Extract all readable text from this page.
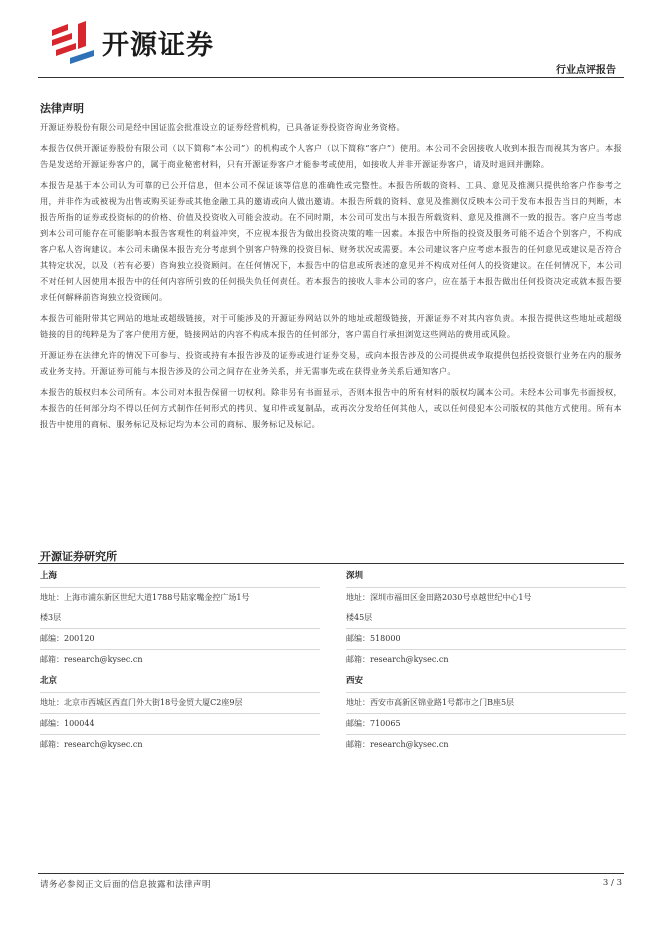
开源证券
行业点评报告
法律声明

开源证券股份有限公司是经中国证监会批准设立的证券经营机构，已具备证券投资咨询业务资格。

本报告仅供开源证券股份有限公司（以下简称“本公司”）的机构或个人客户（以下简称“客户”）使用。本公司不会因接收人收到本报告而视其为客户。本报告是发送给开源证券客户的，属于商业秘密材料，只有开源证券客户才能参考或使用，如接收人并非开源证券客户，请及时退回并删除。

本报告是基于本公司认为可靠的已公开信息，但本公司不保证该等信息的准确性或完整性。本报告所载的资料、工具、意见及推测只提供给客户作参考之用，并非作为或被视为出售或购买证券或其他金融工具的邀请或向人做出邀请。本报告所载的资料、意见及推测仅反映本公司于发布本报告当日的判断，本报告所指的证券或投资标的的价格、价值及投资收入可能会波动。在不同时期，本公司可发出与本报告所载资料、意见及推测不一致的报告。客户应当考虑到本公司可能存在可能影响本报告客观性的利益冲突，不应视本报告为做出投资决策的唯一因素。本报告中所指的投资及服务可能不适合个别客户，不构成客户私人咨询建议。本公司未确保本报告充分考虑到个别客户特殊的投资目标、财务状况或需要。本公司建议客户应考虑本报告的任何意见或建议是否符合其特定状况，以及（若有必要）咨询独立投资顾问。在任何情况下，本报告中的信息或所表述的意见并不构成对任何人的投资建议。在任何情况下，本公司不对任何人因使用本报告中的任何内容所引致的任何损失负任何责任。若本报告的接收人非本公司的客户，应在基于本报告做出任何投资决定或就本报告要求任何解释前咨询独立投资顾问。

本报告可能附带其它网站的地址或超级链接，对于可能涉及的开源证券网站以外的地址或超级链接，开源证券不对其内容负责。本报告提供这些地址或超级链接的目的纯粹是为了客户使用方便，链接网站的内容不构成本报告的任何部分，客户需自行承担浏览这些网站的费用或风险。

开源证券在法律允许的情况下可参与、投资或持有本报告涉及的证券或进行证券交易，或向本报告涉及的公司提供或争取提供包括投资银行业务在内的服务或业务支持。开源证券可能与本报告涉及的公司之间存在业务关系，并无需事先或在获得业务关系后通知客户。

本报告的版权归本公司所有。本公司对本报告保留一切权利。除非另有书面显示，否则本报告中的所有材料的版权均属本公司。未经本公司事先书面授权，本报告的任何部分均不得以任何方式制作任何形式的拷贝、复印件或复制品，或再次分发给任何其他人，或以任何侵犯本公司版权的其他方式使用。所有本报告中使用的商标、服务标记及标记均为本公司的商标、服务标记及标记。

开源证券研究所
上海
地址：上海市浦东新区世纪大道1788号陆家嘴金控广场1号
楼3层
邮编：200120
邮箱：research@kysec.cn
深圳
地址：深圳市福田区金田路2030号卓越世纪中心1号
楼45层
邮编：518000
邮箱：research@kysec.cn
北京
地址：北京市西城区西直门外大街18号金贸大厦C2座9层
邮编：100044
邮箱：research@kysec.cn
西安
地址：西安市高新区锦业路1号都市之门B座5层
邮编：710065
邮箱：research@kysec.cn
请务必参阅正文后面的信息披露和法律声明	3 / 3
